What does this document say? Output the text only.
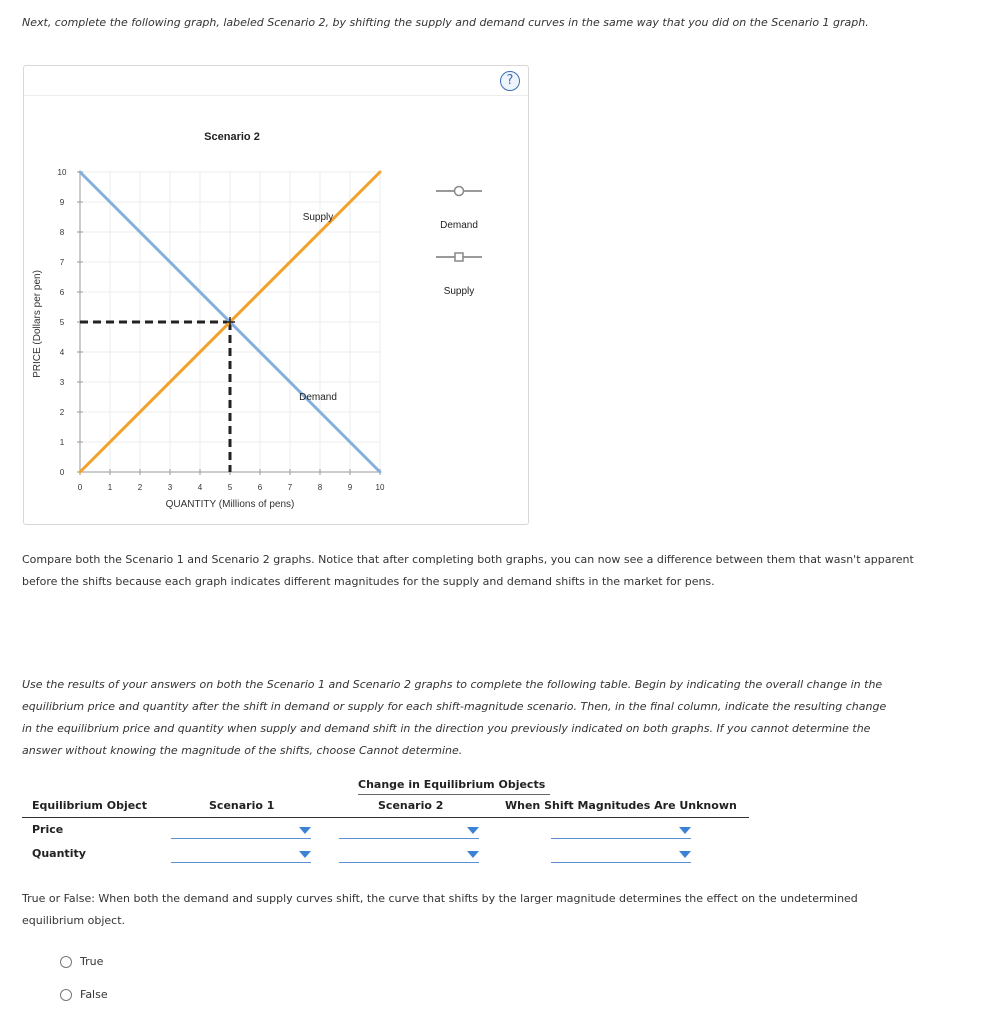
Next, complete the following graph, labeled Scenario 2, by shifting the supply and demand curves in the same way that you did on the Scenario 1 graph.
?
Scenario 2
0	1	2	3	4	5	6	7	8	9	10
0
1
2
3
4
5
6
7
8
9
10
PRICE (Dollars per pen)
QUANTITY (Millions of pens)
Supply
Demand
Demand
Supply
Compare both the Scenario 1 and Scenario 2 graphs. Notice that after completing both graphs, you can now see a difference between them that wasn't apparent before the shifts because each graph indicates different magnitudes for the supply and demand shifts in the market for pens.
Use the results of your answers on both the Scenario 1 and Scenario 2 graphs to complete the following table. Begin by indicating the overall change in the equilibrium price and quantity after the shift in demand or supply for each shift-magnitude scenario. Then, in the final column, indicate the resulting change in the equilibrium price and quantity when supply and demand shift in the direction you previously indicated on both graphs. If you cannot determine the answer without knowing the magnitude of the shifts, choose Cannot determine.
Change in Equilibrium Objects
Equilibrium Object	Scenario 1	Scenario 2	When Shift Magnitudes Are Unknown
Price
Quantity
True or False: When both the demand and supply curves shift, the curve that shifts by the larger magnitude determines the effect on the undetermined equilibrium object.
True
False
